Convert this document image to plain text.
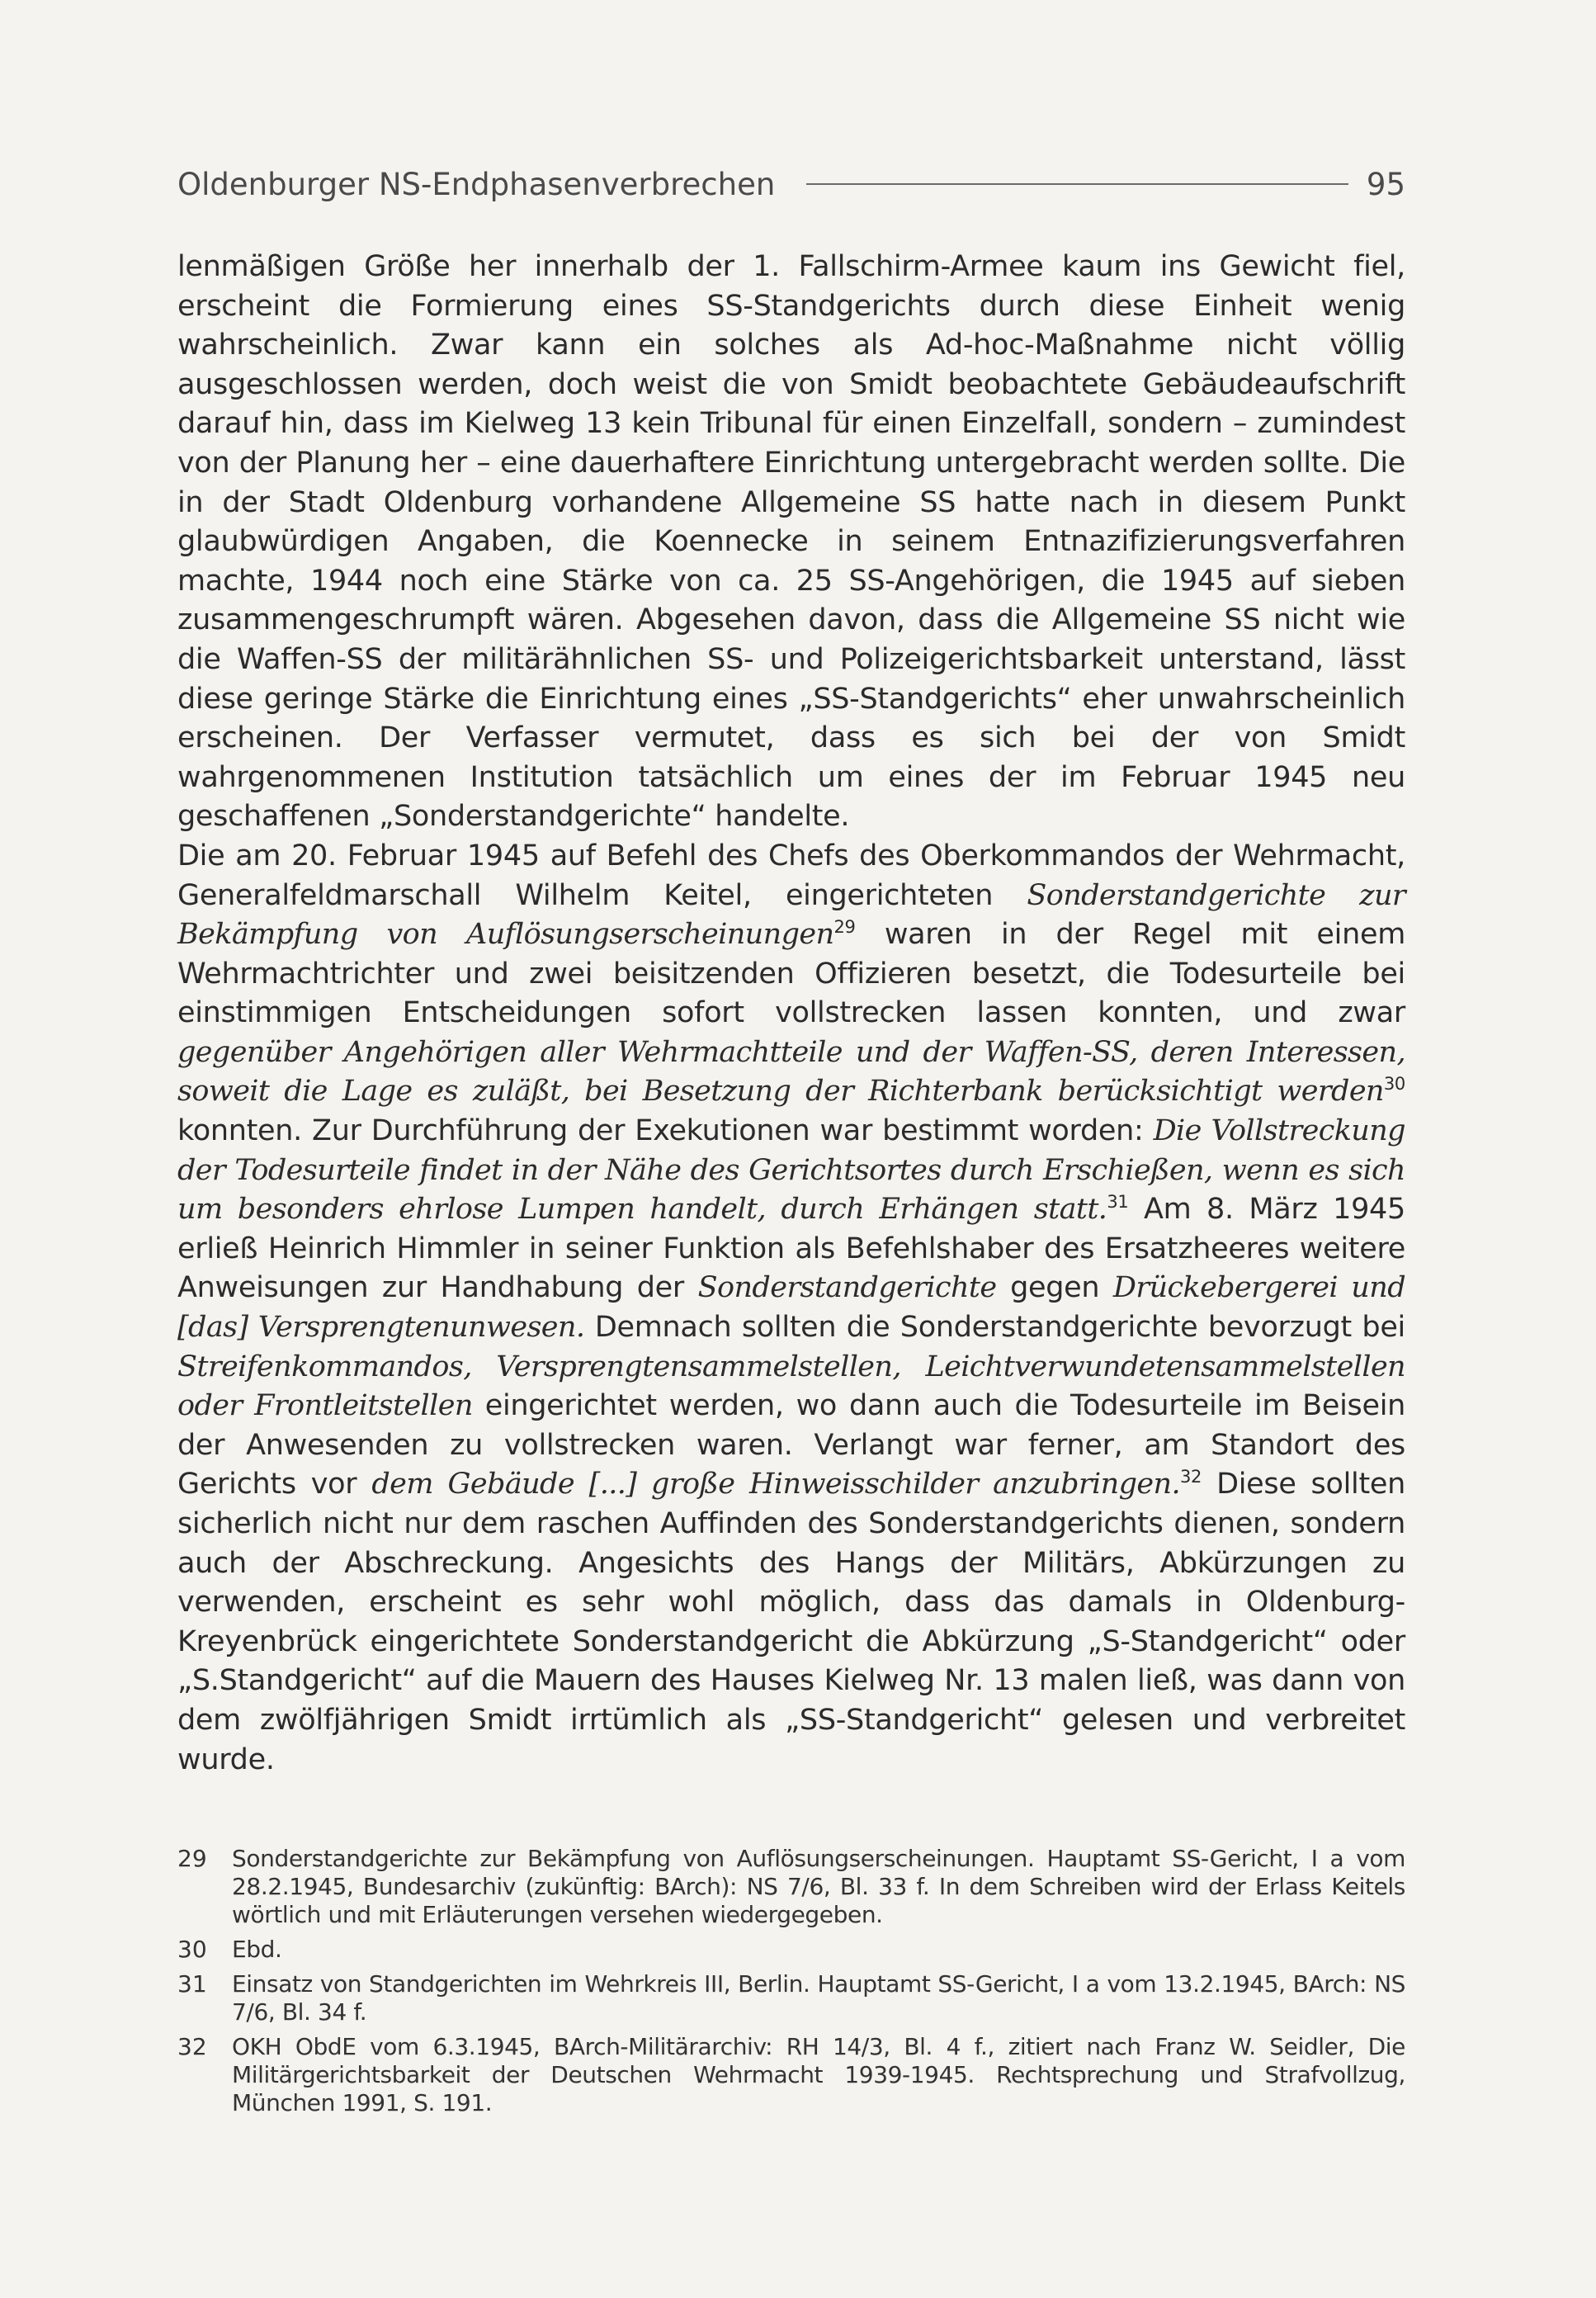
Oldenburger NS-Endphasenverbrechen	95

lenmäßigen Größe her innerhalb der 1. Fallschirm-Armee kaum ins Gewicht fiel, erscheint die Formierung eines SS-Standgerichts durch diese Einheit wenig wahrscheinlich. Zwar kann ein solches als Ad-hoc-Maßnahme nicht völlig ausgeschlossen werden, doch weist die von Smidt beobachtete Gebäudeaufschrift darauf hin, dass im Kielweg 13 kein Tribunal für einen Einzelfall, sondern – zumindest von der Planung her – eine dauerhaftere Einrichtung untergebracht werden sollte. Die in der Stadt Oldenburg vorhandene Allgemeine SS hatte nach in diesem Punkt glaubwürdigen Angaben, die Koennecke in seinem Entnazifizierungsverfahren machte, 1944 noch eine Stärke von ca. 25 SS-Angehörigen, die 1945 auf sieben zusammengeschrumpft wären. Abgesehen davon, dass die Allgemeine SS nicht wie die Waffen-SS der militärähnlichen SS- und Polizeigerichtsbarkeit unterstand, lässt diese geringe Stärke die Einrichtung eines „SS-Standgerichts“ eher unwahrscheinlich erscheinen. Der Verfasser vermutet, dass es sich bei der von Smidt wahrgenommenen Institution tatsächlich um eines der im Februar 1945 neu geschaffenen „Sonderstandgerichte“ handelte.

Die am 20. Februar 1945 auf Befehl des Chefs des Oberkommandos der Wehrmacht, Generalfeldmarschall Wilhelm Keitel, eingerichteten Sonderstandgerichte zur Bekämpfung von Auflösungserscheinungen$^{29}$ waren in der Regel mit einem Wehrmachtrichter und zwei beisitzenden Offizieren besetzt, die Todesurteile bei einstimmigen Entscheidungen sofort vollstrecken lassen konnten, und zwar gegenüber Angehörigen aller Wehrmachtteile und der Waffen-SS, deren Interessen, soweit die Lage es zuläßt, bei Besetzung der Richterbank berücksichtigt werden$^{30}$ konnten. Zur Durchführung der Exekutionen war bestimmt worden: Die Vollstreckung der Todesurteile findet in der Nähe des Gerichtsortes durch Erschießen, wenn es sich um besonders ehrlose Lumpen handelt, durch Erhängen statt.$^{31}$ Am 8. März 1945 erließ Heinrich Himmler in seiner Funktion als Befehlshaber des Ersatzheeres weitere Anweisungen zur Handhabung der Sonderstandgerichte gegen Drückebergerei und [das] Versprengtenunwesen. Demnach sollten die Sonderstandgerichte bevorzugt bei Streifenkommandos, Versprengtensammelstellen, Leichtverwundetensammelstellen oder Frontleitstellen eingerichtet werden, wo dann auch die Todesurteile im Beisein der Anwesenden zu vollstrecken waren. Verlangt war ferner, am Standort des Gerichts vor dem Gebäude [...] große Hinweisschilder anzubringen.$^{32}$ Diese sollten sicherlich nicht nur dem raschen Auffinden des Sonderstandgerichts dienen, sondern auch der Abschreckung. Angesichts des Hangs der Militärs, Abkürzungen zu verwenden, erscheint es sehr wohl möglich, dass das damals in Oldenburg-Kreyenbrück eingerichtete Sonderstandgericht die Abkürzung „S-Standgericht“ oder „S.Standgericht“ auf die Mauern des Hauses Kielweg Nr. 13 malen ließ, was dann von dem zwölfjährigen Smidt irrtümlich als „SS-Standgericht“ gelesen und verbreitet wurde.

29	Sonderstandgerichte zur Bekämpfung von Auflösungserscheinungen. Hauptamt SS-Gericht, I a vom 28.2.1945, Bundesarchiv (zukünftig: BArch): NS 7/6, Bl. 33 f. In dem Schreiben wird der Erlass Keitels wörtlich und mit Erläuterungen versehen wiedergegeben.
30	Ebd.
31	Einsatz von Standgerichten im Wehrkreis III, Berlin. Hauptamt SS-Gericht, I a vom 13.2.1945, BArch: NS 7/6, Bl. 34 f.
32	OKH ObdE vom 6.3.1945, BArch-Militärarchiv: RH 14/3, Bl. 4 f., zitiert nach Franz W. Seidler, Die Militärgerichtsbarkeit der Deutschen Wehrmacht 1939-1945. Rechtsprechung und Strafvollzug, München 1991, S. 191.
